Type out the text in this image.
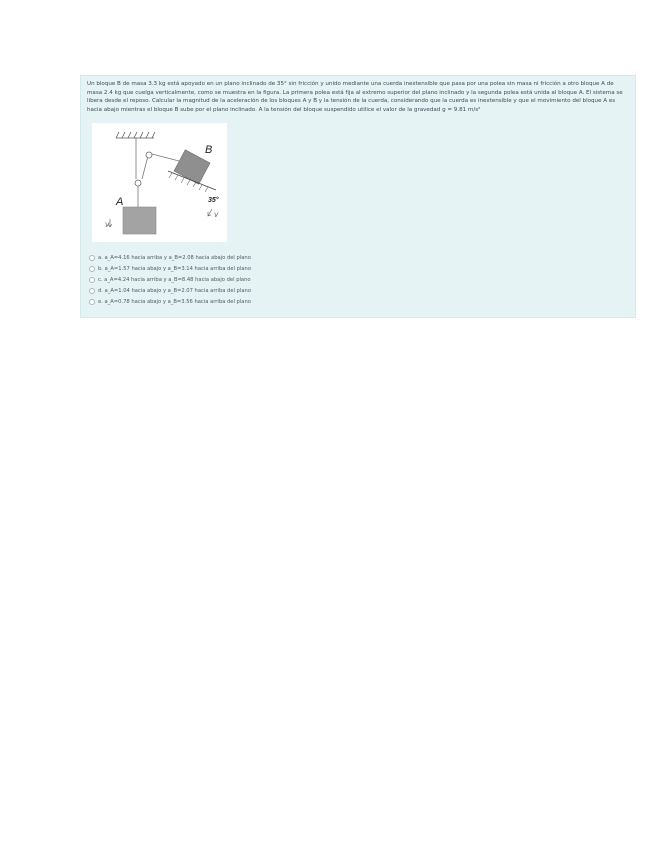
Un bloque B de masa 3.3 kg está apoyado en un plano inclinado de 35° sin fricción y unido mediante una cuerda inextensible que pasa por una polea sin masa ni fricción a otro bloque A de masa 2.4 kg que cuelga verticalmente, como se muestra en la figura. La primera polea está fija al extremo superior del plano inclinado y la segunda polea está unida al bloque A. El sistema se libera desde el reposo. Calcular la magnitud de la aceleración de los bloques A y B y la tensión de la cuerda, considerando que la cuerda es inextensible y que el movimiento del bloque A es hacia abajo mientras el bloque B sube por el plano inclinado. A la tensión del bloque suspendido utilice el valor de la gravedad g = 9.81 m/s²
A
B
35°
V
V
a. a_A=4.16 hacia arriba y a_B=2.08 hacia abajo del plano
b. a_A=1.57 hacia abajo y a_B=3.14 hacia arriba del plano
c. a_A=4.24 hacia arriba y a_B=8.48 hacia abajo del plano
d. a_A=1.04 hacia abajo y a_B=2.07 hacia arriba del plano
e. a_A=0.78 hacia abajo y a_B=3.56 hacia arriba del plano
